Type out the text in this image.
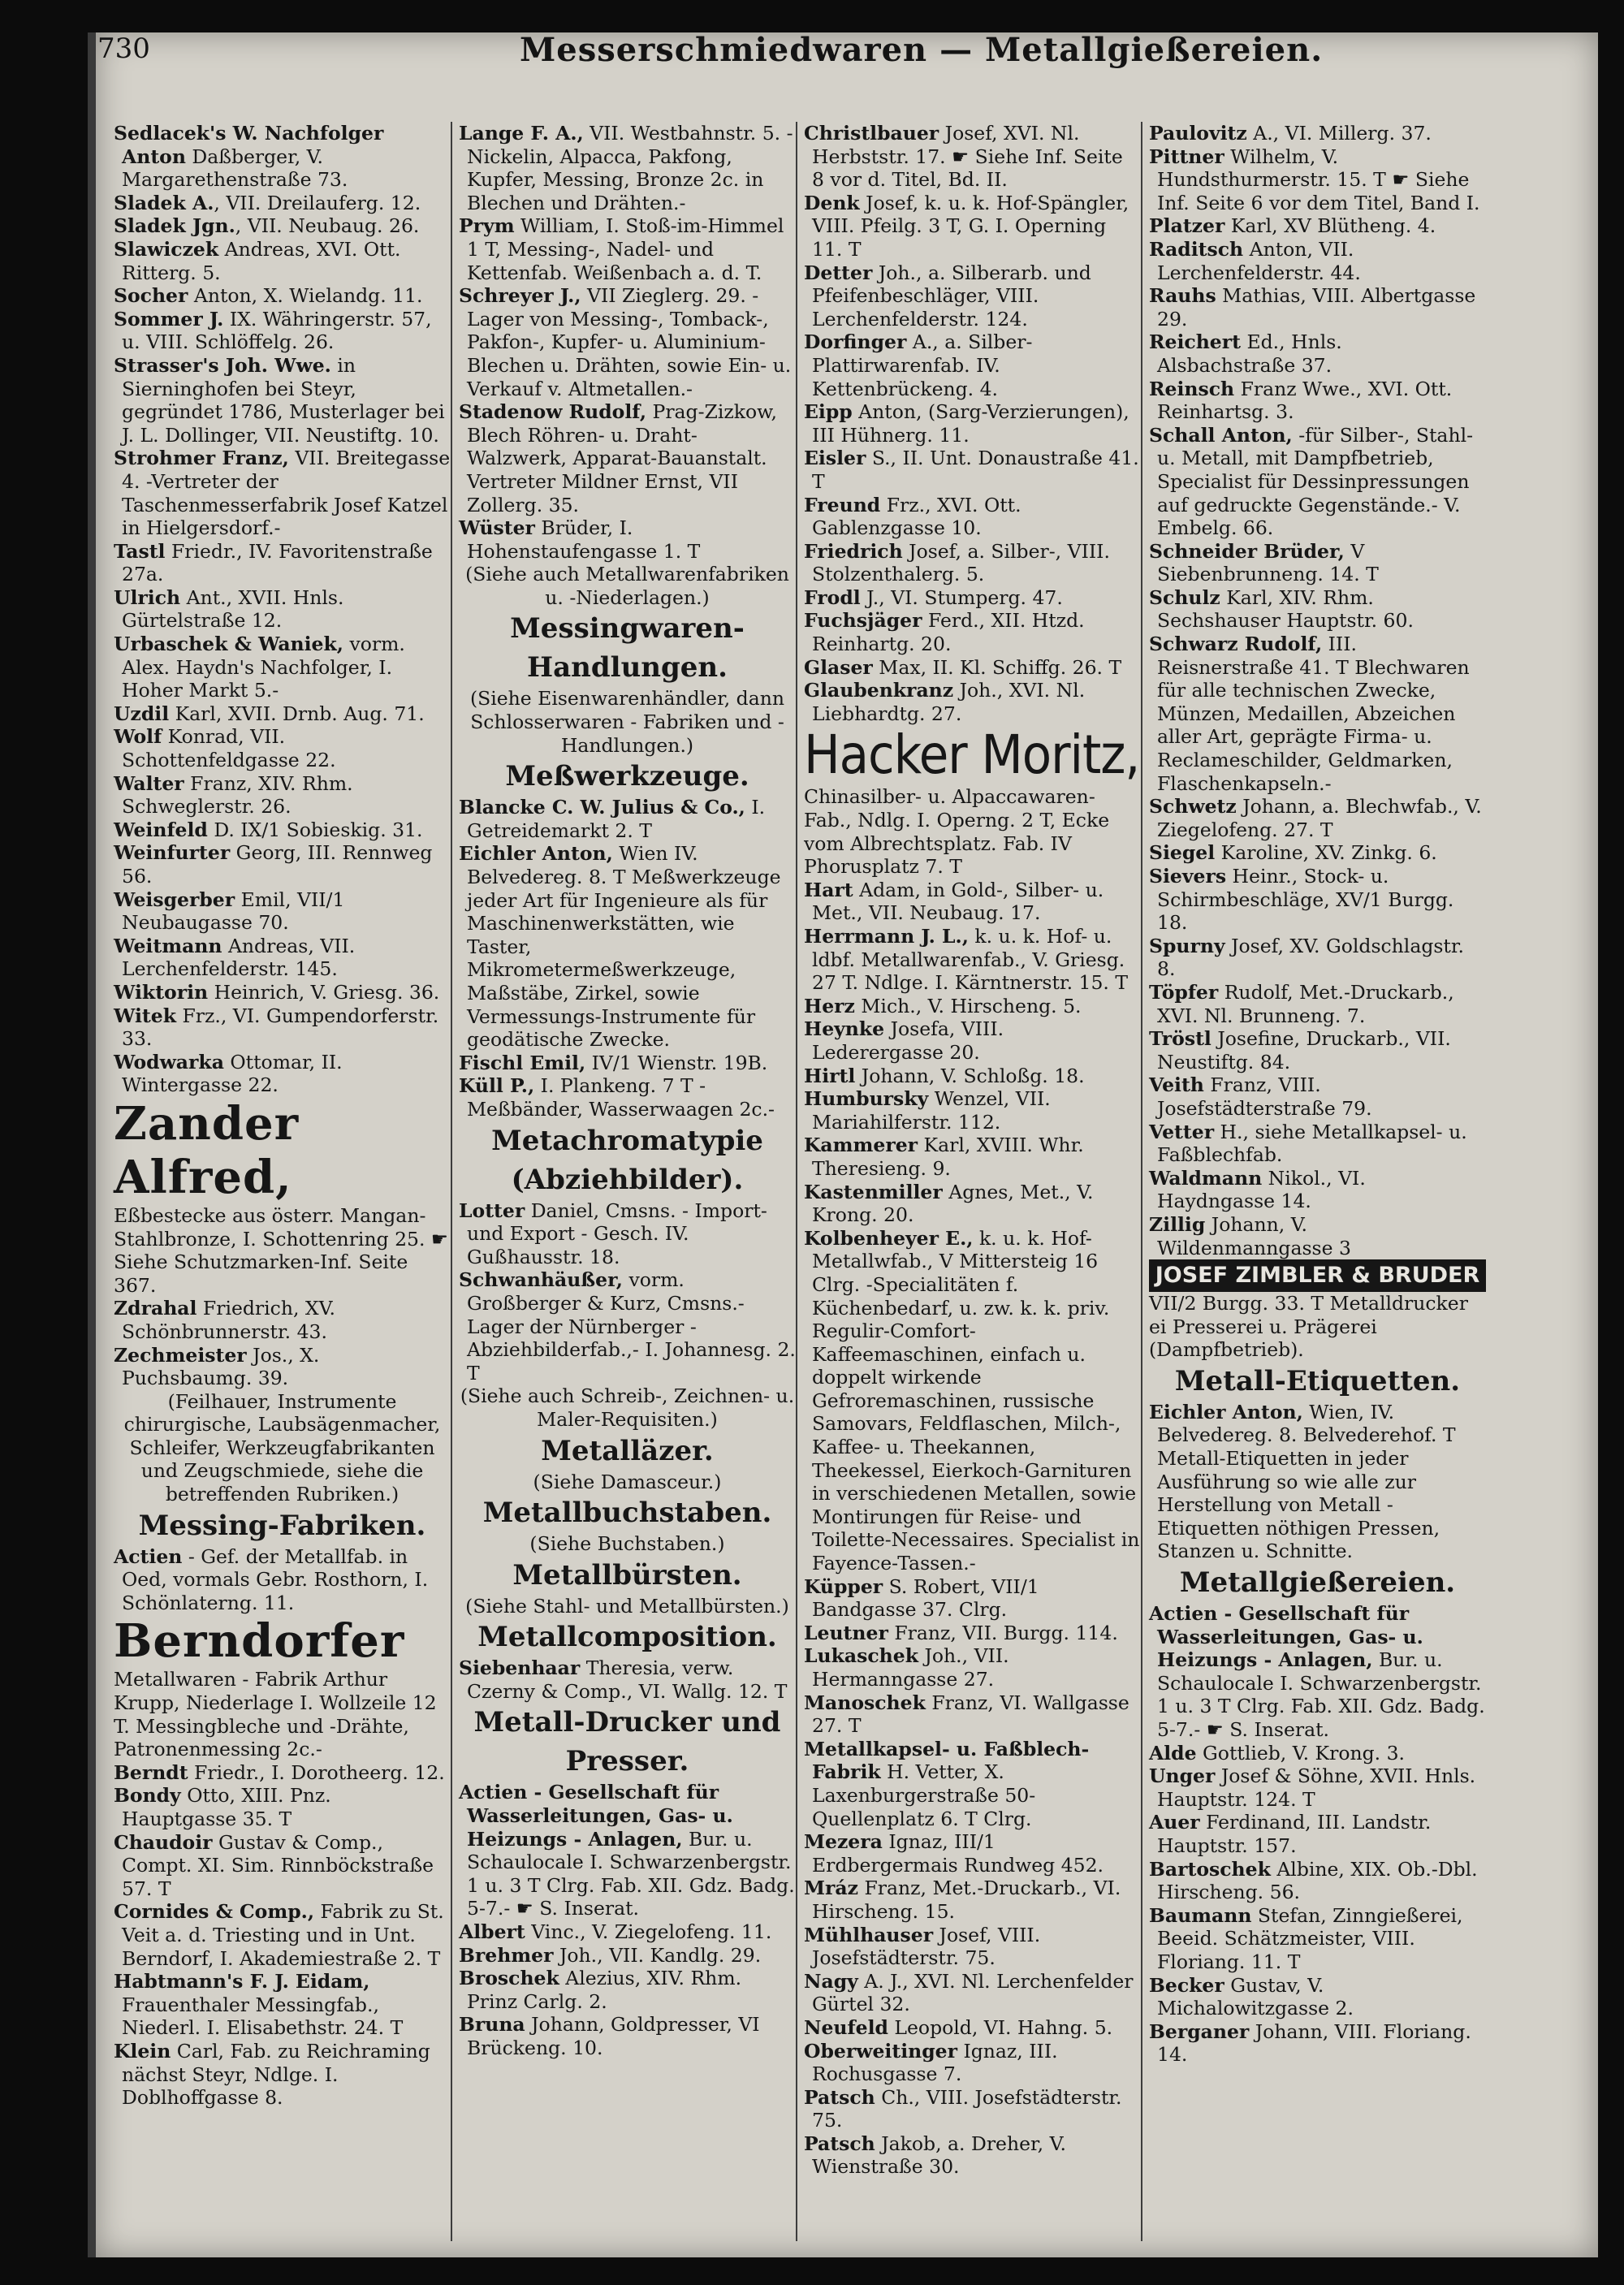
730	Messerschmiedwaren — Metallgießereien.

Sedlacek's W. Nachfolger Anton Daßberger, V. Margarethenstraße 73.

Sladek A., VII. Dreilauferg. 12.

Sladek Jgn., VII. Neubaug. 26.

Slawiczek Andreas, XVI. Ott. Ritterg. 5.

Socher Anton, X. Wielandg. 11.

Sommer J. IX. Währingerstr. 57, u. VIII. Schlöffelg. 26.

Strasser's Joh. Wwe. in Sierninghofen bei Steyr, gegründet 1786, Musterlager bei J. L. Dollinger, VII. Neustiftg. 10.

Strohmer Franz, VII. Breitegasse 4. -Vertreter der Taschenmesserfabrik Josef Katzel in Hielgersdorf.-

Tastl Friedr., IV. Favoritenstraße 27a.

Ulrich Ant., XVII. Hnls. Gürtelstraße 12.

Urbaschek & Waniek, vorm. Alex. Haydn's Nachfolger, I. Hoher Markt 5.-

Uzdil Karl, XVII. Drnb. Aug. 71.

Wolf Konrad, VII. Schottenfeldgasse 22.

Walter Franz, XIV. Rhm. Schweglerstr. 26.

Weinfeld D. IX/1 Sobieskig. 31.

Weinfurter Georg, III. Rennweg 56.

Weisgerber Emil, VII/1 Neubaugasse 70.

Weitmann Andreas, VII. Lerchenfelderstr. 145.

Wiktorin Heinrich, V. Griesg. 36.

Witek Frz., VI. Gumpendorferstr. 33.

Wodwarka Ottomar, II. Wintergasse 22.

Zander Alfred,

Eßbestecke aus österr. Mangan-Stahlbronze, I. Schottenring 25. ☛ Siehe Schutzmarken-Inf. Seite 367.

Zdrahal Friedrich, XV. Schönbrunnerstr. 43.

Zechmeister Jos., X. Puchsbaumg. 39.

(Feilhauer, Instrumente chirurgische, Laubsägenmacher, Schleifer, Werkzeugfabrikanten und Zeugschmiede, siehe die betreffenden Rubriken.)

Messing-Fabriken.

Actien - Gef. der Metallfab. in Oed, vormals Gebr. Rosthorn, I. Schönlaterng. 11.

Berndorfer

Metallwaren - Fabrik Arthur Krupp, Niederlage I. Wollzeile 12 T. Messingbleche und -Drähte, Patronenmessing 2c.-

Berndt Friedr., I. Dorotheerg. 12.

Bondy Otto, XIII. Pnz. Hauptgasse 35. T

Chaudoir Gustav & Comp., Compt. XI. Sim. Rinnböckstraße 57. T

Cornides & Comp., Fabrik zu St. Veit a. d. Triesting und in Unt. Berndorf, I. Akademiestraße 2. T

Habtmann's F. J. Eidam, Frauenthaler Messingfab., Niederl. I. Elisabethstr. 24. T

Klein Carl, Fab. zu Reichraming nächst Steyr, Ndlge. I. Doblhoffgasse 8.

Lange F. A., VII. Westbahnstr. 5. -Nickelin, Alpacca, Pakfong, Kupfer, Messing, Bronze 2c. in Blechen und Drähten.-

Prym William, I. Stoß-im-Himmel 1 T, Messing-, Nadel- und Kettenfab. Weißenbach a. d. T.

Schreyer J., VII Zieglerg. 29. -Lager von Messing-, Tomback-, Pakfon-, Kupfer- u. Aluminium-Blechen u. Drähten, sowie Ein- u. Verkauf v. Altmetallen.-

Stadenow Rudolf, Prag-Zizkow, Blech Röhren- u. Draht-Walzwerk, Apparat-Bauanstalt. Vertreter Mildner Ernst, VII Zollerg. 35.

Wüster Brüder, I. Hohenstaufengasse 1. T

(Siehe auch Metallwarenfabriken u. -Niederlagen.)

Messingwaren-Handlungen.

(Siehe Eisenwarenhändler, dann Schlosserwaren - Fabriken und -Handlungen.)

Meßwerkzeuge.

Blancke C. W. Julius & Co., I. Getreidemarkt 2. T

Eichler Anton, Wien IV. Belvedereg. 8. T Meßwerkzeuge jeder Art für Ingenieure als für Maschinenwerkstätten, wie Taster, Mikrometermeßwerkzeuge, Maßstäbe, Zirkel, sowie Vermessungs-Instrumente für geodätische Zwecke.

Fischl Emil, IV/1 Wienstr. 19B.

Küll P., I. Plankeng. 7 T -Meßbänder, Wasserwaagen 2c.-

Metachromatypie (Abziehbilder).

Lotter Daniel, Cmsns. - Import- und Export - Gesch. IV. Gußhausstr. 18.

Schwanhäußer, vorm. Großberger & Kurz, Cmsns.-Lager der Nürnberger - Abziehbilderfab.,- I. Johannesg. 2. T

(Siehe auch Schreib-, Zeichnen- u. Maler-Requisiten.)

Metalläzer.

(Siehe Damasceur.)

Metallbuchstaben.

(Siehe Buchstaben.)

Metallbürsten.

(Siehe Stahl- und Metallbürsten.)

Metallcomposition.

Siebenhaar Theresia, verw. Czerny & Comp., VI. Wallg. 12. T

Metall-Drucker und Presser.

Actien - Gesellschaft für Wasserleitungen, Gas- u. Heizungs - Anlagen, Bur. u. Schaulocale I. Schwarzenbergstr. 1 u. 3 T Clrg. Fab. XII. Gdz. Badg. 5-7.- ☛ S. Inserat.

Albert Vinc., V. Ziegelofeng. 11.

Brehmer Joh., VII. Kandlg. 29.

Broschek Alezius, XIV. Rhm. Prinz Carlg. 2.

Bruna Johann, Goldpresser, VI Brückeng. 10.

Christlbauer Josef, XVI. Nl. Herbststr. 17. ☛ Siehe Inf. Seite 8 vor d. Titel, Bd. II.

Denk Josef, k. u. k. Hof-Spängler, VIII. Pfeilg. 3 T, G. I. Operning 11. T

Detter Joh., a. Silberarb. und Pfeifenbeschläger, VIII. Lerchenfelderstr. 124.

Dorfinger A., a. Silber-Plattirwarenfab. IV. Kettenbrückeng. 4.

Eipp Anton, (Sarg-Verzierungen), III Hühnerg. 11.

Eisler S., II. Unt. Donaustraße 41. T

Freund Frz., XVI. Ott. Gablenzgasse 10.

Friedrich Josef, a. Silber-, VIII. Stolzenthalerg. 5.

Frodl J., VI. Stumperg. 47.

Fuchsjäger Ferd., XII. Htzd. Reinhartg. 20.

Glaser Max, II. Kl. Schiffg. 26. T

Glaubenkranz Joh., XVI. Nl. Liebhardtg. 27.

Hacker Moritz,

Chinasilber- u. Alpaccawaren-Fab., Ndlg. I. Operng. 2 T, Ecke vom Albrechtsplatz. Fab. IV Phorusplatz 7. T

Hart Adam, in Gold-, Silber- u. Met., VII. Neubaug. 17.

Herrmann J. L., k. u. k. Hof- u. ldbf. Metallwarenfab., V. Griesg. 27 T. Ndlge. I. Kärntnerstr. 15. T

Herz Mich., V. Hirscheng. 5.

Heynke Josefa, VIII. Lederergasse 20.

Hirtl Johann, V. Schloßg. 18.

Humbursky Wenzel, VII. Mariahilferstr. 112.

Kammerer Karl, XVIII. Whr. Theresieng. 9.

Kastenmiller Agnes, Met., V. Krong. 20.

Kolbenheyer E., k. u. k. Hof-Metallwfab., V Mittersteig 16 Clrg. -Specialitäten f. Küchenbedarf, u. zw. k. k. priv. Regulir-Comfort-Kaffeemaschinen, einfach u. doppelt wirkende Gefroremaschinen, russische Samovars, Feldflaschen, Milch-, Kaffee- u. Theekannen, Theekessel, Eierkoch-Garnituren in verschiedenen Metallen, sowie Montirungen für Reise- und Toilette-Necessaires. Specialist in Fayence-Tassen.-

Küpper S. Robert, VII/1 Bandgasse 37. Clrg.

Leutner Franz, VII. Burgg. 114.

Lukaschek Joh., VII. Hermanngasse 27.

Manoschek Franz, VI. Wallgasse 27. T

Metallkapsel- u. Faßblech-Fabrik H. Vetter, X. Laxenburgerstraße 50-Quellenplatz 6. T Clrg.

Mezera Ignaz, III/1 Erdbergermais Rundweg 452.

Mráz Franz, Met.-Druckarb., VI. Hirscheng. 15.

Mühlhauser Josef, VIII. Josefstädterstr. 75.

Nagy A. J., XVI. Nl. Lerchenfelder Gürtel 32.

Neufeld Leopold, VI. Hahng. 5.

Oberweitinger Ignaz, III. Rochusgasse 7.

Patsch Ch., VIII. Josefstädterstr. 75.

Patsch Jakob, a. Dreher, V. Wienstraße 30.

Paulovitz A., VI. Millerg. 37.

Pittner Wilhelm, V. Hundsthurmerstr. 15. T ☛ Siehe Inf. Seite 6 vor dem Titel, Band I.

Platzer Karl, XV Blütheng. 4.

Raditsch Anton, VII. Lerchenfelderstr. 44.

Rauhs Mathias, VIII. Albertgasse 29.

Reichert Ed., Hnls. Alsbachstraße 37.

Reinsch Franz Wwe., XVI. Ott. Reinhartsg. 3.

Schall Anton, -für Silber-, Stahl- u. Metall, mit Dampfbetrieb, Specialist für Dessinpressungen auf gedruckte Gegenstände.- V. Embelg. 66.

Schneider Brüder, V Siebenbrunneng. 14. T

Schulz Karl, XIV. Rhm. Sechshauser Hauptstr. 60.

Schwarz Rudolf, III. Reisnerstraße 41. T Blechwaren für alle technischen Zwecke, Münzen, Medaillen, Abzeichen aller Art, geprägte Firma- u. Reclameschilder, Geldmarken, Flaschenkapseln.-

Schwetz Johann, a. Blechwfab., V. Ziegelofeng. 27. T

Siegel Karoline, XV. Zinkg. 6.

Sievers Heinr., Stock- u. Schirmbeschläge, XV/1 Burgg. 18.

Spurny Josef, XV. Goldschlagstr. 8.

Töpfer Rudolf, Met.-Druckarb., XVI. Nl. Brunneng. 7.

Tröstl Josefine, Druckarb., VII. Neustiftg. 84.

Veith Franz, VIII. Josefstädterstraße 79.

Vetter H., siehe Metallkapsel- u. Faßblechfab.

Waldmann Nikol., VI. Haydngasse 14.

Zillig Johann, V. Wildenmanngasse 3

JOSEF ZIMBLER & BRUDER

VII/2 Burgg. 33. T Metalldrucker ei Presserei u. Prägerei (Dampfbetrieb).

Metall-Etiquetten.

Eichler Anton, Wien, IV. Belvedereg. 8. Belvederehof. T Metall-Etiquetten in jeder Ausführung so wie alle zur Herstellung von Metall - Etiquetten nöthigen Pressen, Stanzen u. Schnitte.

Metallgießereien.

Actien - Gesellschaft für Wasserleitungen, Gas- u. Heizungs - Anlagen, Bur. u. Schaulocale I. Schwarzenbergstr. 1 u. 3 T Clrg. Fab. XII. Gdz. Badg. 5-7.- ☛ S. Inserat.

Alde Gottlieb, V. Krong. 3.

Unger Josef & Söhne, XVII. Hnls. Hauptstr. 124. T

Auer Ferdinand, III. Landstr. Hauptstr. 157.

Bartoschek Albine, XIX. Ob.-Dbl. Hirscheng. 56.

Baumann Stefan, Zinngießerei, Beeid. Schätzmeister, VIII. Floriang. 11. T

Becker Gustav, V. Michalowitzgasse 2.

Berganer Johann, VIII. Floriang. 14.
